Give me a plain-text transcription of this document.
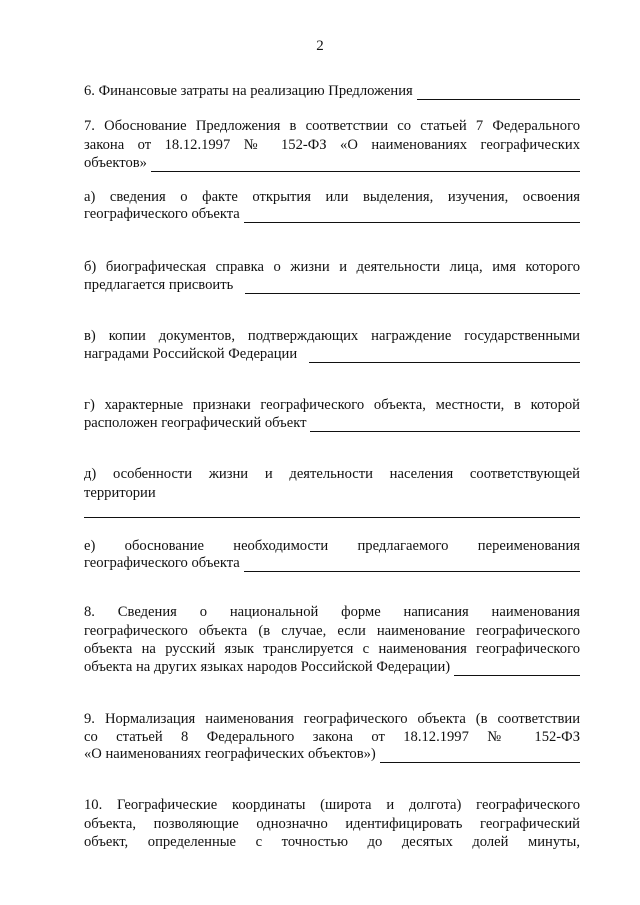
2
6. Финансовые затраты на реализацию Предложения
7. Обоснование Предложения в соответствии со статьей 7 Федерального
закона от 18.12.1997 № 152-ФЗ «О наименованиях географических
объектов»
а) сведения о факте открытия или выделения, изучения, освоения
географического объекта
б) биографическая справка о жизни и деятельности лица, имя которого
предлагается присвоить
в) копии документов, подтверждающих награждение государственными
наградами Российской Федерации
г) характерные признаки географического объекта, местности, в которой
расположен географический объект
д) особенности жизни и деятельности населения соответствующей
территории
е) обоснование необходимости предлагаемого переименования
географического объекта
8. Сведения о национальной форме написания наименования
географического объекта (в случае, если наименование географического
объекта на русский язык транслируется с наименования географического
объекта на других языках народов Российской Федерации)
9. Нормализация наименования географического объекта (в соответствии
со статьей 8 Федерального закона от 18.12.1997 № 152-ФЗ
«О наименованиях географических объектов»)
10. Географические координаты (широта и долгота) географического
объекта, позволяющие однозначно идентифицировать географический
объект, определенные с точностью до десятых долей минуты,
